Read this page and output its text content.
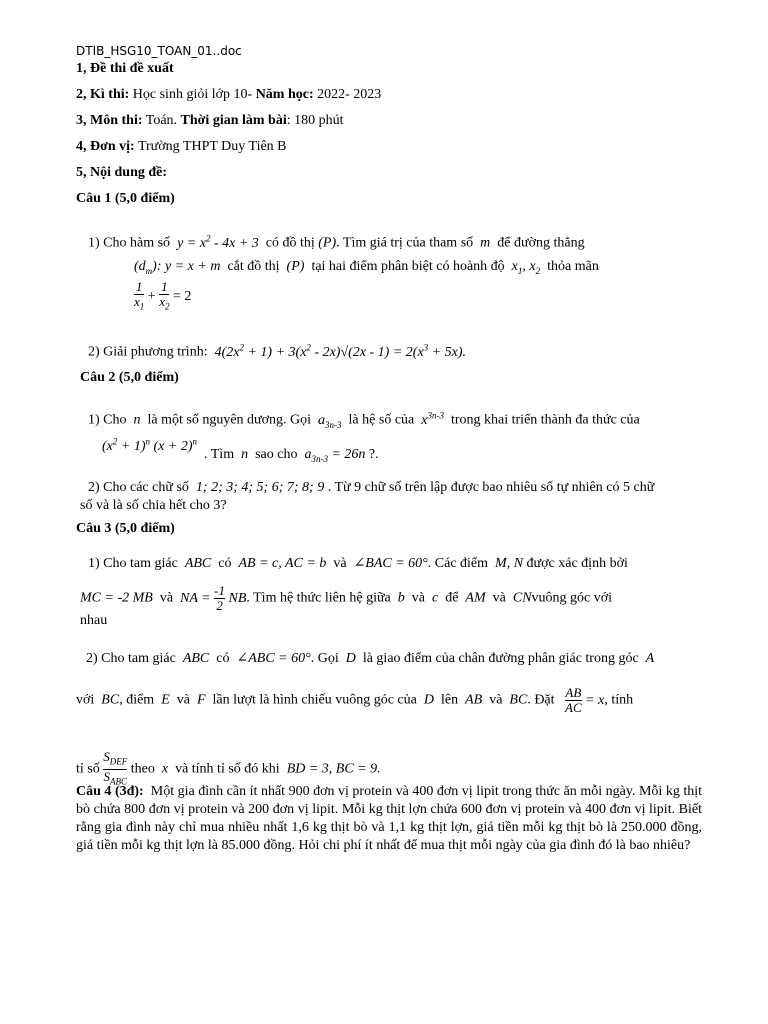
DTIB_HSG10_TOAN_01..doc
1, Đề thi đề xuất
2, Kì thi: Học sinh giỏi lớp 10- Năm học: 2022- 2023
3, Môn thi: Toán. Thời gian làm bài: 180 phút
4, Đơn vị: Trường THPT Duy Tiên B
5, Nội dung đề:
Câu 1 (5,0 điểm)
1) Cho hàm số  $y = x^2 - 4x + 3$  có đồ thị (P). Tìm giá trị của tham số  m  để đường thẳng
$(d_m)$: y = x + m  cắt đồ thị  (P)  tại hai điểm phân biệt có hoành độ  $x_1$, $x_2$ thỏa mãn
$\frac{1}{x_1} + \frac{1}{x_2} = 2$
2) Giải phương trình:  $4(2x^2 + 1) + 3(x^2 - 2x)√(2x - 1) = 2(x^3 + 5x)$.
Câu 2 (5,0 điểm)
1) Cho  n  là một số nguyên dương. Gọi  $a_{3n-3}$ là hệ số của  $x^{3n-3}$ trong khai triển thành đa thức của
$(x^2 + 1)^n$ $(x + 2)^n$
. Tìm  n  sao cho  $a_{3n-3} = 26n$ ?.
2) Cho các chữ số  1; 2; 3; 4; 5; 6; 7; 8; 9 . Từ 9 chữ số trên lập được bao nhiêu số tự nhiên có 5 chữ
số và là số chia hết cho 3?
Câu 3 (5,0 điểm)
1) Cho tam giác  ABC  có  AB = c, AC = b  và  ∠BAC = 60°. Các điểm  M, N được xác định bởi
MC = -2 MB  và  NA = $\frac{-1}{2}$ NB. Tìm hệ thức liên hệ giữa  b  và  c  để  AM  và  CNvuông góc với
nhau
2) Cho tam giác  ABC  có  ∠ABC = 60°. Gọi  D  là giao điểm của chân đường phân giác trong góc  A
với  BC, điểm  E  và  F  lần lượt là hình chiếu vuông góc của  D  lên  AB  và  BC. Đặt $\frac{AB}{AC} = x$, tính
tỉ số $\frac{S_{DEF}}{S_{ABC}}$ theo  x  và tính tỉ số đó khi  BD = 3, BC = 9.
Câu 4 (3đ): Một gia đình cần ít nhất 900 đơn vị protein và 400 đơn vị lipit trong thức ăn mỗi ngày. Mỗi kg thịt bò chứa 800 đơn vị protein và 200 đơn vị lipit. Mỗi kg thịt lợn chứa 600 đơn vị protein và 400 đơn vị lipit. Biết rằng gia đình này chỉ mua nhiều nhất 1,6 kg thịt bò và 1,1 kg thịt lợn, giá tiền mỗi kg thịt bò là 250.000 đồng, giá tiền mỗi kg thịt lợn là 85.000 đồng. Hỏi chi phí ít nhất để mua thịt mỗi ngày của gia đình đó là bao nhiêu?
